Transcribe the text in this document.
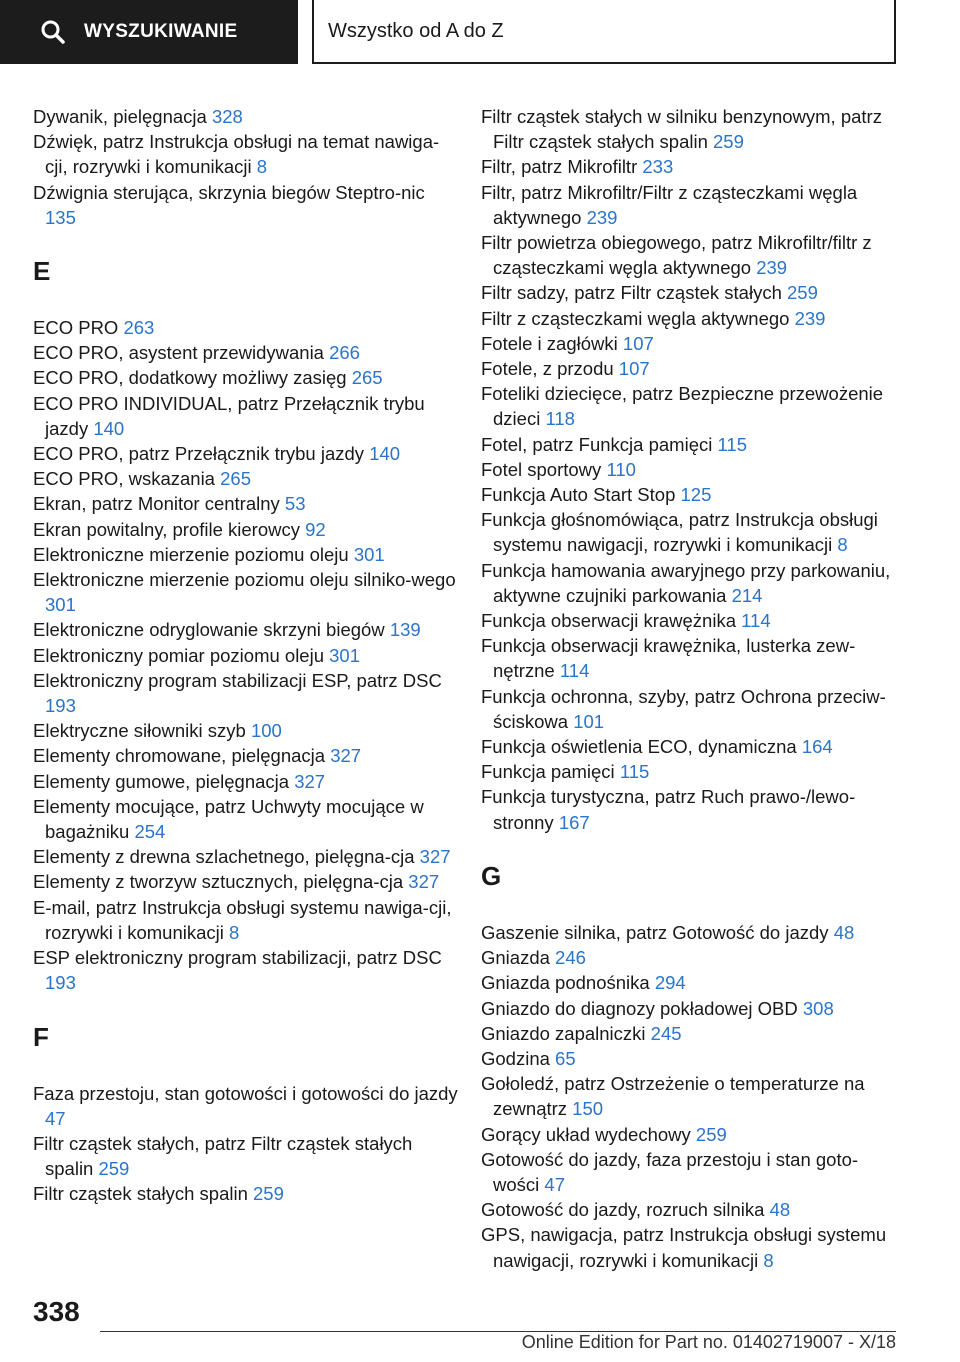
WYSZUKIWANIE	Wszystko od A do Z
Dywanik, pielęgnacja 328
Dźwięk, patrz Instrukcja obsługi na temat nawiga-cji, rozrywki i komunikacji 8
Dźwignia sterująca, skrzynia biegów Steptro-nic 135
E
ECO PRO 263
ECO PRO, asystent przewidywania 266
ECO PRO, dodatkowy możliwy zasięg 265
ECO PRO INDIVIDUAL, patrz Przełącznik trybu jazdy 140
ECO PRO, patrz Przełącznik trybu jazdy 140
ECO PRO, wskazania 265
Ekran, patrz Monitor centralny 53
Ekran powitalny, profile kierowcy 92
Elektroniczne mierzenie poziomu oleju 301
Elektroniczne mierzenie poziomu oleju silniko-wego 301
Elektroniczne odryglowanie skrzyni biegów 139
Elektroniczny pomiar poziomu oleju 301
Elektroniczny program stabilizacji ESP, patrz DSC 193
Elektryczne siłowniki szyb 100
Elementy chromowane, pielęgnacja 327
Elementy gumowe, pielęgnacja 327
Elementy mocujące, patrz Uchwyty mocujące w bagażniku 254
Elementy z drewna szlachetnego, pielęgna-cja 327
Elementy z tworzyw sztucznych, pielęgna-cja 327
E-mail, patrz Instrukcja obsługi systemu nawiga-cji, rozrywki i komunikacji 8
ESP elektroniczny program stabilizacji, patrz DSC 193
F
Faza przestoju, stan gotowości i gotowości do jazdy 47
Filtr cząstek stałych, patrz Filtr cząstek stałych spalin 259
Filtr cząstek stałych spalin 259
Filtr cząstek stałych w silniku benzynowym, patrz Filtr cząstek stałych spalin 259
Filtr, patrz Mikrofiltr 233
Filtr, patrz Mikrofiltr/Filtr z cząsteczkami węgla aktywnego 239
Filtr powietrza obiegowego, patrz Mikrofiltr/filtr z cząsteczkami węgla aktywnego 239
Filtr sadzy, patrz Filtr cząstek stałych 259
Filtr z cząsteczkami węgla aktywnego 239
Fotele i zagłówki 107
Fotele, z przodu 107
Foteliki dziecięce, patrz Bezpieczne przewożenie dzieci 118
Fotel, patrz Funkcja pamięci 115
Fotel sportowy 110
Funkcja Auto Start Stop 125
Funkcja głośnomówiąca, patrz Instrukcja obsługi systemu nawigacji, rozrywki i komunikacji 8
Funkcja hamowania awaryjnego przy parkowaniu, aktywne czujniki parkowania 214
Funkcja obserwacji krawężnika 114
Funkcja obserwacji krawężnika, lusterka zew-nętrzne 114
Funkcja ochronna, szyby, patrz Ochrona przeciw-ściskowa 101
Funkcja oświetlenia ECO, dynamiczna 164
Funkcja pamięci 115
Funkcja turystyczna, patrz Ruch prawo-/lewo-stronny 167
G
Gaszenie silnika, patrz Gotowość do jazdy 48
Gniazda 246
Gniazda podnośnika 294
Gniazdo do diagnozy pokładowej OBD 308
Gniazdo zapalniczki 245
Godzina 65
Gołoledź, patrz Ostrzeżenie o temperaturze na zewnątrz 150
Gorący układ wydechowy 259
Gotowość do jazdy, faza przestoju i stan goto-wości 47
Gotowość do jazdy, rozruch silnika 48
GPS, nawigacja, patrz Instrukcja obsługi systemu nawigacji, rozrywki i komunikacji 8
338
Online Edition for Part no. 01402719007 - X/18
